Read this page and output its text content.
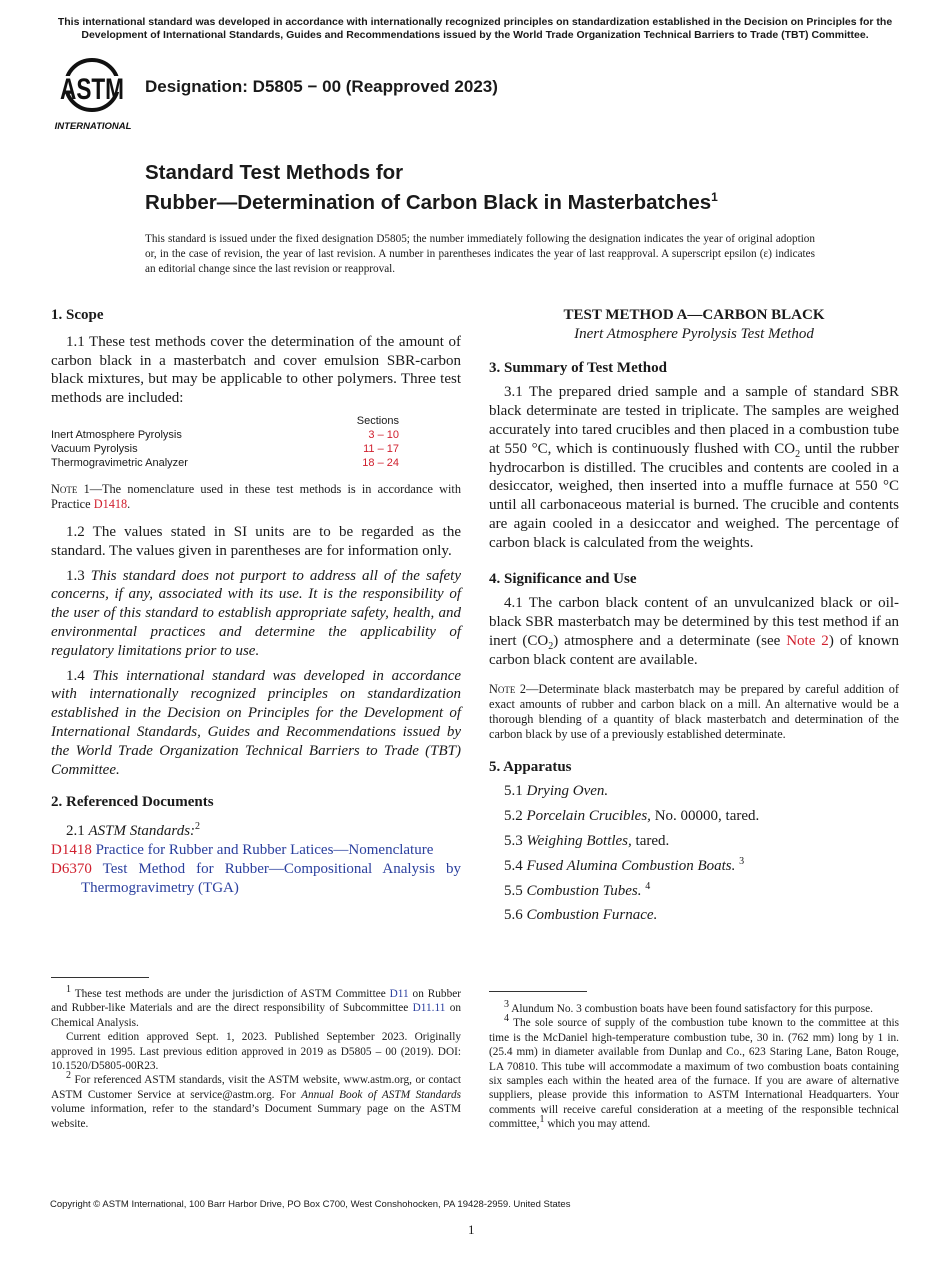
This international standard was developed in accordance with internationally recognized principles on standardization established in the Decision on Principles for the
Development of International Standards, Guides and Recommendations issued by the World Trade Organization Technical Barriers to Trade (TBT) Committee.
ASTM
INTERNATIONAL
Designation: D5805 − 00 (Reapproved 2023)
Standard Test Methods for
Rubber—Determination of Carbon Black in Masterbatches$^1$
This standard is issued under the fixed designation D5805; the number immediately following the designation indicates the year of original adoption or, in the case of revision, the year of last revision. A number in parentheses indicates the year of last reapproval. A superscript epsilon (ε) indicates an editorial change since the last revision or reapproval.
1. Scope
1.1 These test methods cover the determination of the amount of carbon black in a masterbatch and cover emulsion SBR-carbon black mixtures, but may be applicable to other polymers. Three test methods are included:
Sections
Inert Atmosphere Pyrolysis	3 – 10
Vacuum Pyrolysis	11 – 17
Thermogravimetric Analyzer	18 – 24
Note 1—The nomenclature used in these test methods is in accordance with Practice D1418.
1.2 The values stated in SI units are to be regarded as the standard. The values given in parentheses are for information only.
1.3 This standard does not purport to address all of the safety concerns, if any, associated with its use. It is the responsibility of the user of this standard to establish appropriate safety, health, and environmental practices and determine the applicability of regulatory limitations prior to use.
1.4 This international standard was developed in accordance with internationally recognized principles on standardization established in the Decision on Principles for the Development of International Standards, Guides and Recommendations issued by the World Trade Organization Technical Barriers to Trade (TBT) Committee.
2. Referenced Documents
2.1 ASTM Standards:$^2$
D1418 Practice for Rubber and Rubber Latices—Nomenclature
D6370 Test Method for Rubber—Compositional Analysis by Thermogravimetry (TGA)
$^1$ These test methods are under the jurisdiction of ASTM Committee D11 on Rubber and Rubber-like Materials and are the direct responsibility of Subcommittee D11.11 on Chemical Analysis.
Current edition approved Sept. 1, 2023. Published September 2023. Originally approved in 1995. Last previous edition approved in 2019 as D5805 – 00 (2019). DOI: 10.1520/D5805-00R23.
$^2$ For referenced ASTM standards, visit the ASTM website, www.astm.org, or contact ASTM Customer Service at service@astm.org. For Annual Book of ASTM Standards volume information, refer to the standard’s Document Summary page on the ASTM website.
TEST METHOD A—CARBON BLACK
Inert Atmosphere Pyrolysis Test Method
3. Summary of Test Method
3.1 The prepared dried sample and a sample of standard SBR black determinate are tested in triplicate. The samples are weighed accurately into tared crucibles and then placed in a combustion tube at 550 °C, which is continuously flushed with $CO_2$ until the rubber hydrocarbon is distilled. The crucibles and contents are cooled in a desiccator, weighed, then inserted into a muffle furnace at 550 °C until all carbonaceous material is burned. The crucible and contents are again cooled in a desiccator and weighed. The percentage of carbon black is calculated from the weights.
4. Significance and Use
4.1 The carbon black content of an unvulcanized black or oil-black SBR masterbatch may be determined by this test method if an inert $(CO_2)$ atmosphere and a determinate (see Note 2) of known carbon black content are available.
Note 2—Determinate black masterbatch may be prepared by careful addition of exact amounts of rubber and carbon black on a mill. An alternative would be a thorough blending of a quantity of black masterbatch and determination of the carbon black by use of a previously established determinate.
5. Apparatus
5.1 Drying Oven.
5.2 Porcelain Crucibles, No. 00000, tared.
5.3 Weighing Bottles, tared.
5.4 Fused Alumina Combustion Boats. $^3$
5.5 Combustion Tubes. $^4$
5.6 Combustion Furnace.
$^3$ Alundum No. 3 combustion boats have been found satisfactory for this purpose.
$^4$ The sole source of supply of the combustion tube known to the committee at this time is the McDaniel high-temperature combustion tube, 30 in. (762 mm) long by 1 in. (25.4 mm) in diameter available from Dunlap and Co., 623 Staring Lane, Baton Rouge, LA 70810. This tube will accommodate a maximum of two combustion boats containing six samples each within the heated area of the furnace. If you are aware of alternative suppliers, please provide this information to ASTM International Headquarters. Your comments will receive careful consideration at a meeting of the responsible technical committee,$^1$ which you may attend.
Copyright © ASTM International, 100 Barr Harbor Drive, PO Box C700, West Conshohocken, PA 19428-2959. United States
1
